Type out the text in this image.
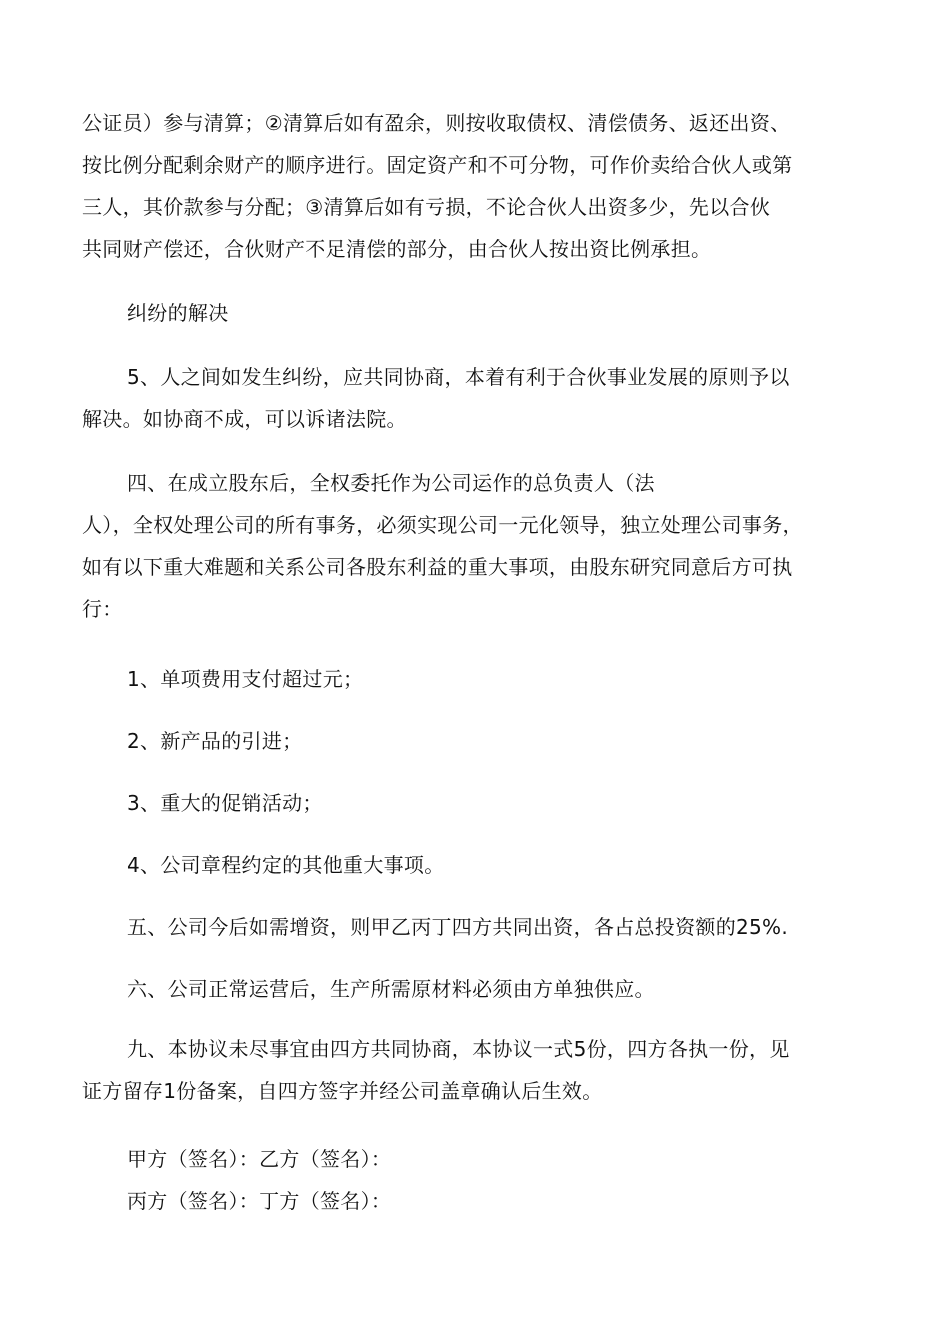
公证员）参与清算；②清算后如有盈余，则按收取债权、清偿债务、返还出资、
按比例分配剩余财产的顺序进行。固定资产和不可分物，可作价卖给合伙人或第
三人，其价款参与分配；③清算后如有亏损，不论合伙人出资多少，先以合伙
共同财产偿还，合伙财产不足清偿的部分，由合伙人按出资比例承担。
纠纷的解决
5、人之间如发生纠纷，应共同协商，本着有利于合伙事业发展的原则予以
解决。如协商不成，可以诉诸法院。
四、在成立股东后，全权委托作为公司运作的总负责人（法
人），全权处理公司的所有事务，必须实现公司一元化领导，独立处理公司事务，
如有以下重大难题和关系公司各股东利益的重大事项，由股东研究同意后方可执
行：
1、单项费用支付超过元；
2、新产品的引进；
3、重大的促销活动；
4、公司章程约定的其他重大事项。
五、公司今后如需增资，则甲乙丙丁四方共同出资，各占总投资额的25%.
六、公司正常运营后，生产所需原材料必须由方单独供应。
九、本协议未尽事宜由四方共同协商，本协议一式5份，四方各执一份，见
证方留存1份备案，自四方签字并经公司盖章确认后生效。
甲方（签名）：乙方（签名）：
丙方（签名）：丁方（签名）：
